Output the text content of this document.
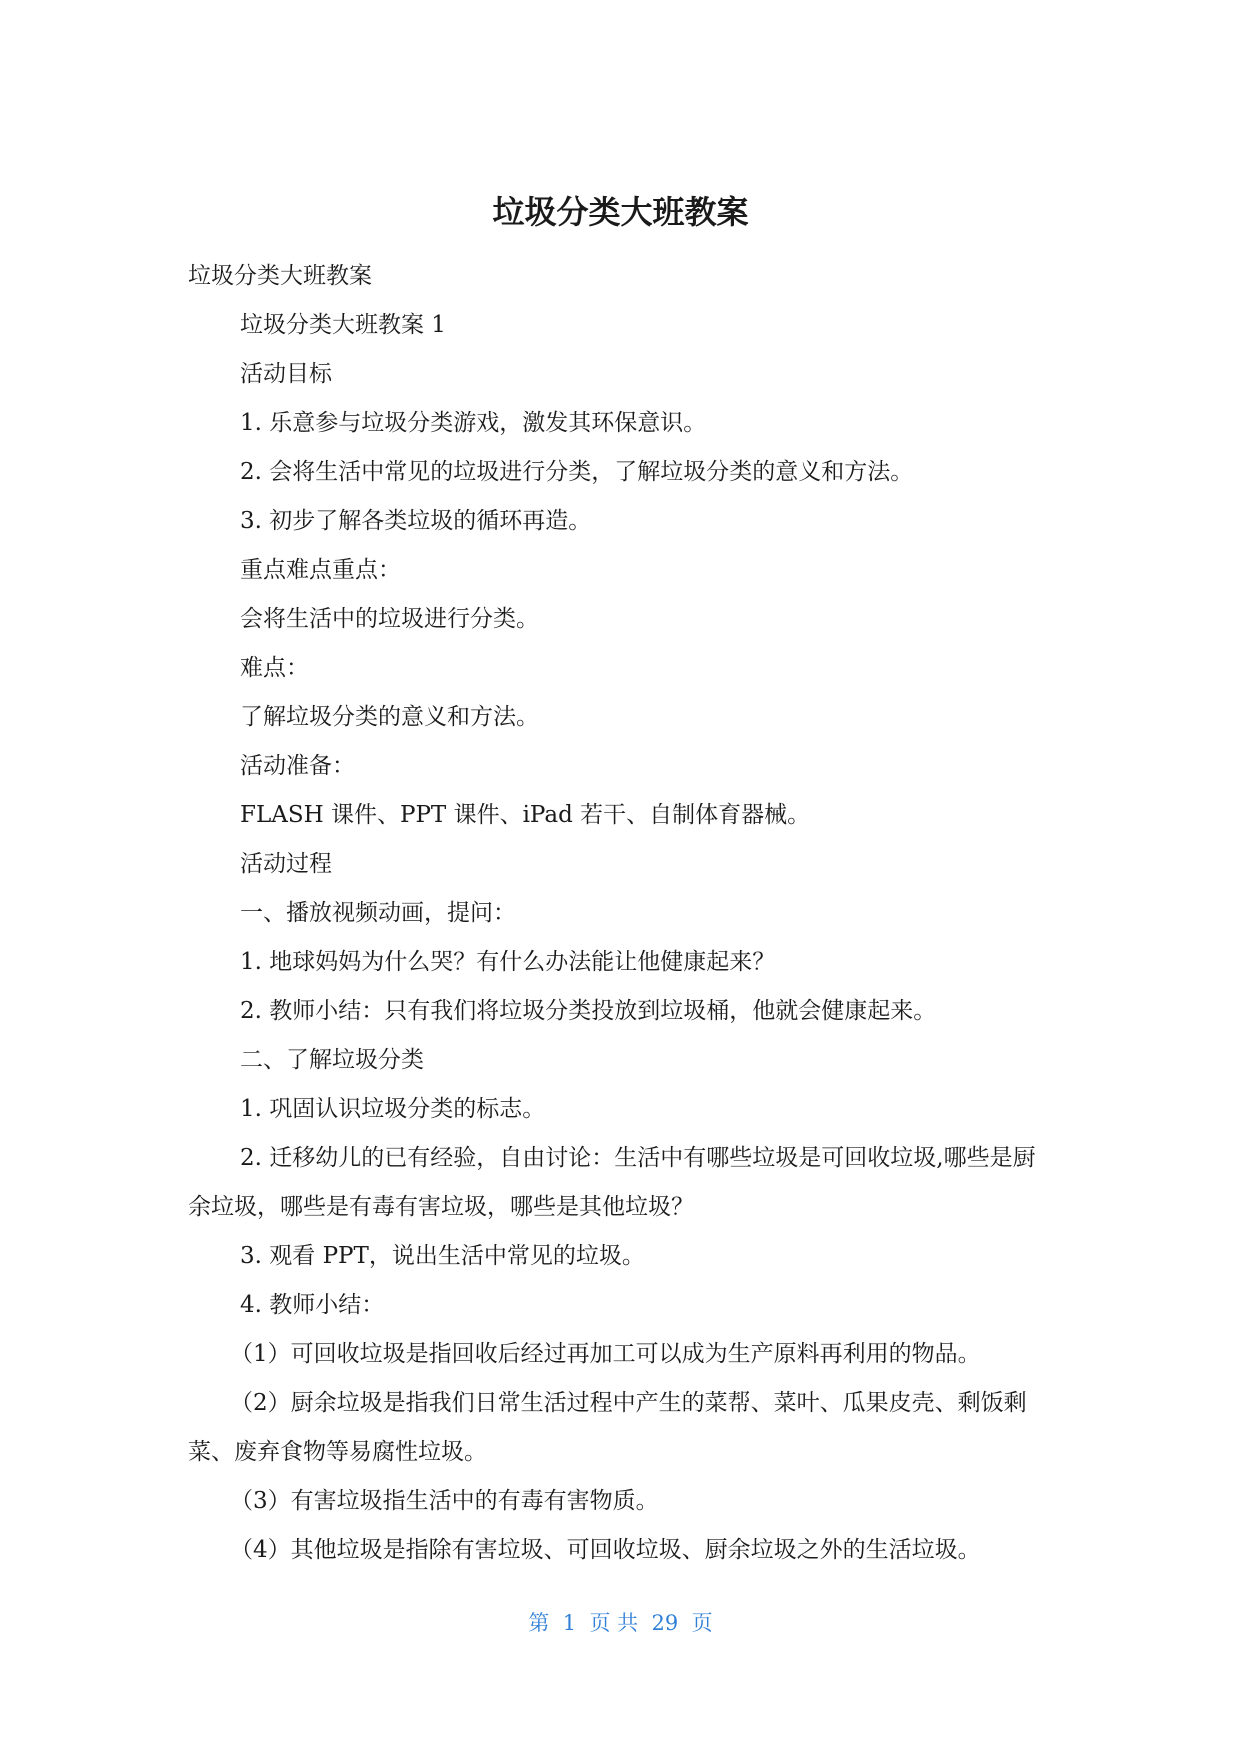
垃圾分类大班教案

垃圾分类大班教案

垃圾分类大班教案 1

活动目标

1. 乐意参与垃圾分类游戏，激发其环保意识。

2. 会将生活中常见的垃圾进行分类，了解垃圾分类的意义和方法。

3. 初步了解各类垃圾的循环再造。

重点难点重点：

会将生活中的垃圾进行分类。

难点：

了解垃圾分类的意义和方法。

活动准备：

FLASH 课件、PPT 课件、iPad 若干、自制体育器械。

活动过程

一、播放视频动画，提问：

1. 地球妈妈为什么哭？有什么办法能让他健康起来？

2. 教师小结：只有我们将垃圾分类投放到垃圾桶，他就会健康起来。

二、了解垃圾分类

1. 巩固认识垃圾分类的标志。

2. 迁移幼儿的已有经验，自由讨论：生活中有哪些垃圾是可回收垃圾,哪些是厨余垃圾，哪些是有毒有害垃圾，哪些是其他垃圾？

3. 观看 PPT，说出生活中常见的垃圾。

4. 教师小结：

（1）可回收垃圾是指回收后经过再加工可以成为生产原料再利用的物品。

（2）厨余垃圾是指我们日常生活过程中产生的菜帮、菜叶、瓜果皮壳、剩饭剩菜、废弃食物等易腐性垃圾。

（3）有害垃圾指生活中的有毒有害物质。

（4）其他垃圾是指除有害垃圾、可回收垃圾、厨余垃圾之外的生活垃圾。

第  1  页 共  29  页
